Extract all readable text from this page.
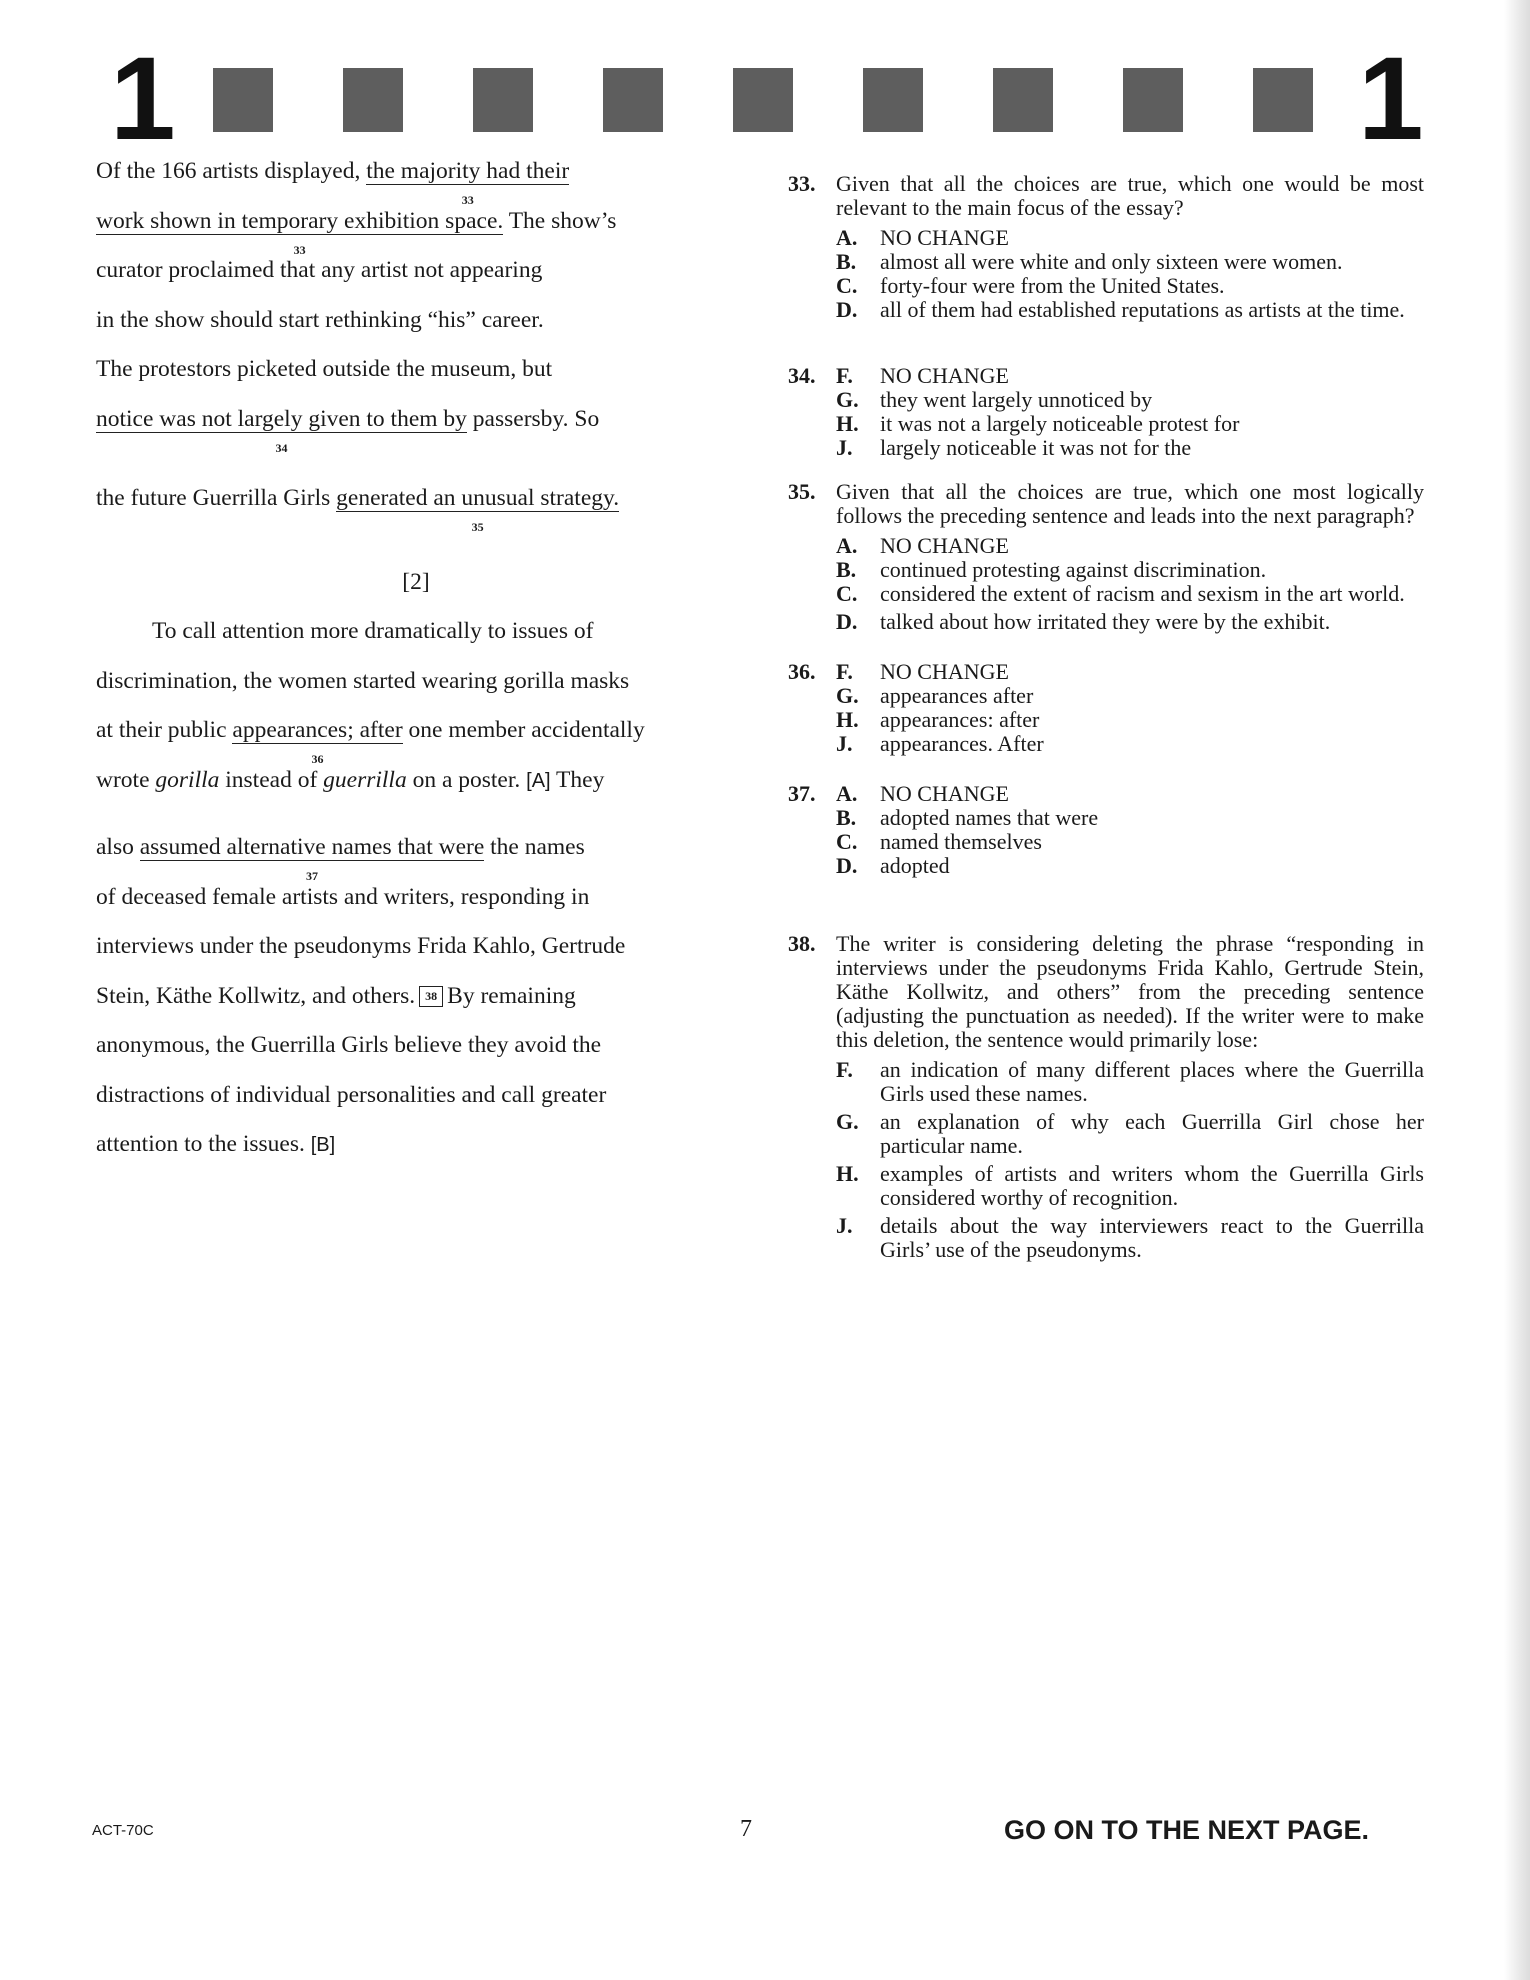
1	1
Of the 166 artists displayed, the majority had their
33
work shown in temporary exhibition space.
33
The show’s
curator proclaimed that any artist not appearing
in the show should start rethinking “his” career.
The protestors picketed outside the museum, but
notice was not largely given to them by
34
passersby. So
the future Guerrilla Girls generated an unusual strategy.
35
[2]
To call attention more dramatically to issues of
discrimination, the women started wearing gorilla masks
at their public appearances; after
36
one member accidentally
wrote gorilla instead of guerrilla on a poster. [A] They
also assumed alternative names that were
37
the names
of deceased female artists and writers, responding in
interviews under the pseudonyms Frida Kahlo, Gertrude
Stein, Käthe Kollwitz, and others. 38 By remaining
anonymous, the Guerrilla Girls believe they avoid the
distractions of individual personalities and call greater
attention to the issues. [B]
33. Given that all the choices are true, which one would be most relevant to the main focus of the essay?
A. NO CHANGE
B. almost all were white and only sixteen were women.
C. forty-four were from the United States.
D. all of them had established reputations as artists at the time.
34. F. NO CHANGE
G. they went largely unnoticed by
H. it was not a largely noticeable protest for
J. largely noticeable it was not for the
35. Given that all the choices are true, which one most logically follows the preceding sentence and leads into the next paragraph?
A. NO CHANGE
B. continued protesting against discrimination.
C. considered the extent of racism and sexism in the art world.
D. talked about how irritated they were by the exhibit.
36. F. NO CHANGE
G. appearances after
H. appearances: after
J. appearances. After
37. A. NO CHANGE
B. adopted names that were
C. named themselves
D. adopted
38. The writer is considering deleting the phrase “responding in interviews under the pseudonyms Frida Kahlo, Gertrude Stein, Käthe Kollwitz, and others” from the preceding sentence (adjusting the punctuation as needed). If the writer were to make this deletion, the sentence would primarily lose:
F. an indication of many different places where the Guerrilla Girls used these names.
G. an explanation of why each Guerrilla Girl chose her particular name.
H. examples of artists and writers whom the Guerrilla Girls considered worthy of recognition.
J. details about the way interviewers react to the Guerrilla Girls’ use of the pseudonyms.
ACT-70C	7	GO ON TO THE NEXT PAGE.
